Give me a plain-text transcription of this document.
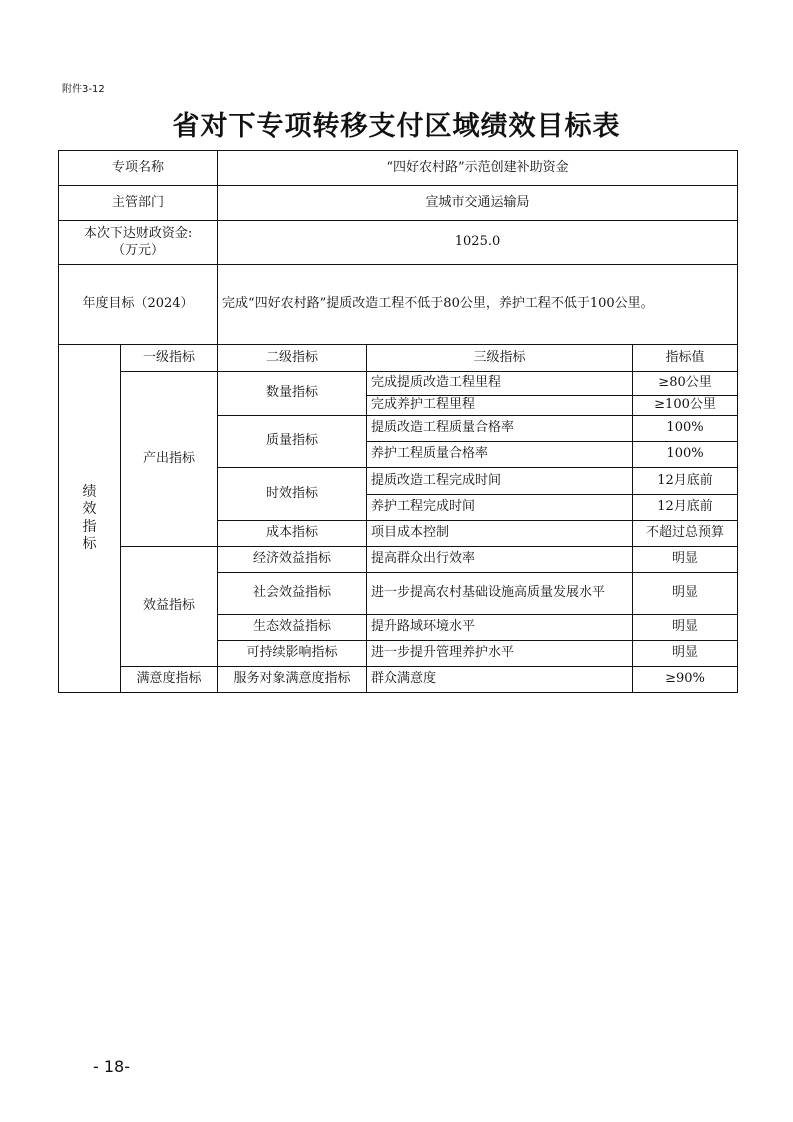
附件3-12
省对下专项转移支付区域绩效目标表
专项名称		“四好农村路”示范创建补助资金		
主管部门		宣城市交通运输局		

本次下达财政资金:
（万元）		1025.0		
年度目标（2024）		完成“四好农村路”提质改造工程不低于80公里，养护工程不低于100公里。		

绩
效
指
标	一级指标	二级指标	三级指标	指标值
	产出指标	数量指标	完成提质改造工程里程	≥80公里
			完成养护工程里程	≥100公里
		质量指标	提质改造工程质量合格率	100%
			养护工程质量合格率	100%
		时效指标	提质改造工程完成时间	12月底前
			养护工程完成时间	12月底前
		成本指标	项目成本控制	不超过总预算
	效益指标	经济效益指标	提高群众出行效率	明显
		社会效益指标	进一步提高农村基础设施高质量发展水平	明显
		生态效益指标	提升路域环境水平	明显
		可持续影响指标	进一步提升管理养护水平	明显
	满意度指标	服务对象满意度指标	群众满意度	≥90%
- 18-
